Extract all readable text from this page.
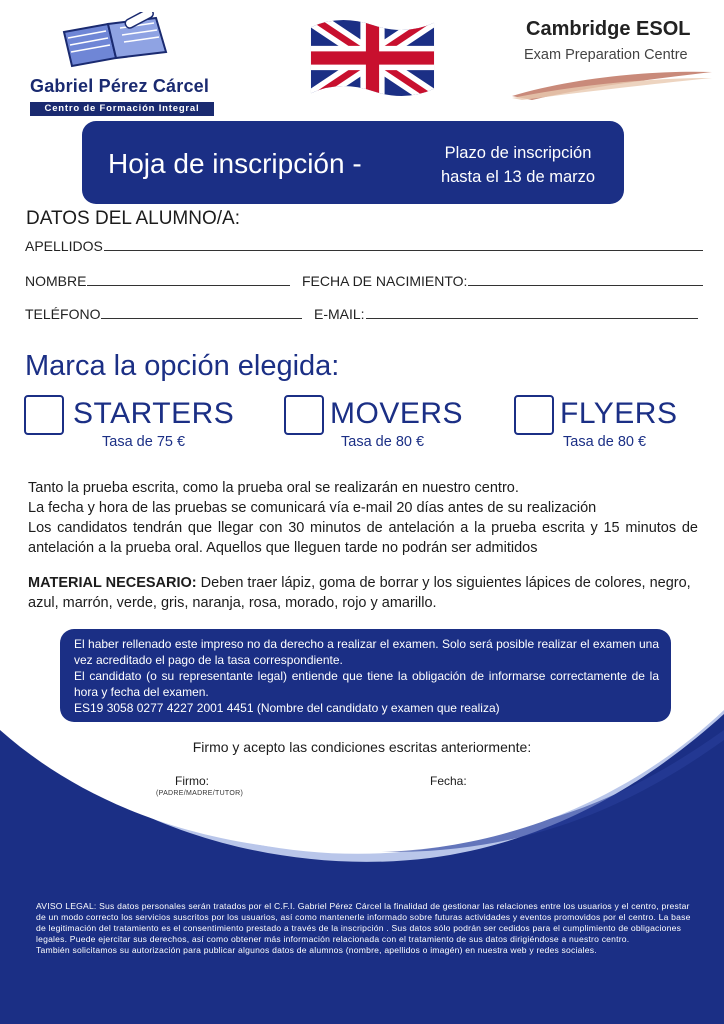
Gabriel Pérez Cárcel
Centro de Formación Integral
Cambridge ESOL
Exam Preparation Centre
Hoja de inscripción -	Plazo de inscripción
hasta el 13 de marzo
DATOS DEL ALUMNO/A:
APELLIDOS
NOMBRE	FECHA DE NACIMIENTO:
TELÉFONO	E-MAIL:
Marca la opción elegida:
STARTERS
Tasa de 75 €
MOVERS
Tasa de 80 €
FLYERS
Tasa de 80 €
Tanto la prueba escrita, como la prueba oral se realizarán en nuestro centro.
La fecha y hora de las pruebas se comunicará vía e-mail 20 días antes de su realización
Los candidatos tendrán que llegar con 30 minutos de antelación a la prueba escrita y 15 minutos de antelación a la prueba oral. Aquellos que lleguen tarde no podrán ser admitidos
MATERIAL NECESARIO: Deben traer lápiz, goma de borrar y los siguientes lápices de colores, negro, azul, marrón, verde, gris, naranja, rosa, morado, rojo y amarillo.
El haber rellenado este impreso no da derecho a realizar el examen. Solo será posible realizar el examen una vez acreditado el pago de la tasa correspondiente.
El candidato (o su representante legal) entiende que tiene la obligación de informarse correctamente de la hora y fecha del examen.
ES19 3058 0277 4227 2001 4451 (Nombre del candidato y examen que realiza)
Firmo y acepto las condiciones escritas anteriormente:
Firmo:
(PADRE/MADRE/TUTOR)
Fecha:
AVISO LEGAL: Sus datos personales serán tratados por el C.F.I. Gabriel Pérez Cárcel la finalidad de gestionar las relaciones entre los usuarios y el centro, prestar de un modo correcto los servicios suscritos por los usuarios, así como mantenerle informado sobre futuras actividades y eventos promovidos por el centro. La base de legitimación del tratamiento es el consentimiento prestado a través de la inscripción . Sus datos sólo podrán ser cedidos para el cumplimiento de obligaciones legales. Puede ejercitar sus derechos, así como obtener más información relacionada con el tratamiento de sus datos dirigiéndose a nuestro centro.
También solicitamos su autorización para publicar algunos datos de alumnos (nombre, apellidos o imagén) en nuestra web y redes sociales.
